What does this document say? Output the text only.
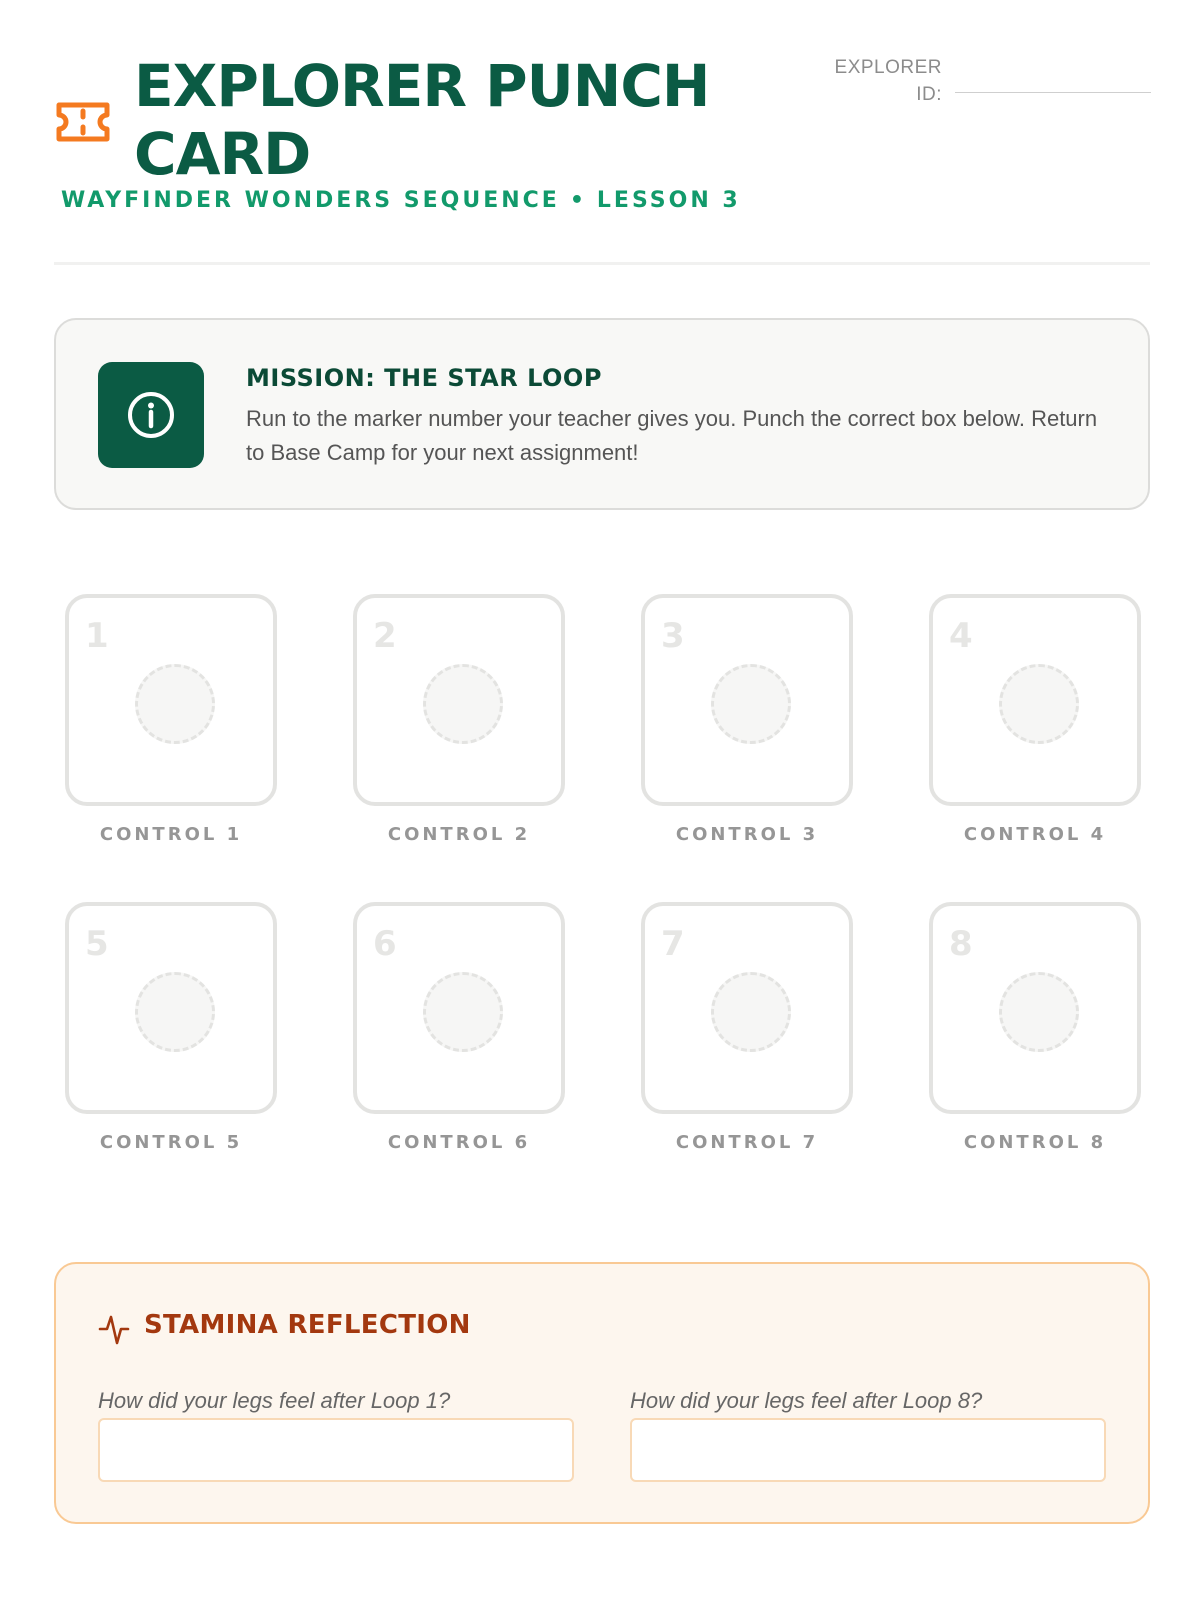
EXPLORER PUNCH CARD
WAYFINDER WONDERS SEQUENCE • LESSON 3
EXPLORER ID:
MISSION: THE STAR LOOP
Run to the marker number your teacher gives you. Punch the correct box below. Return to Base Camp for your next assignment!
1
CONTROL 1
2
CONTROL 2
3
CONTROL 3
4
CONTROL 4
5
CONTROL 5
6
CONTROL 6
7
CONTROL 7
8
CONTROL 8
STAMINA REFLECTION
How did your legs feel after Loop 1?	How did your legs feel after Loop 8?
